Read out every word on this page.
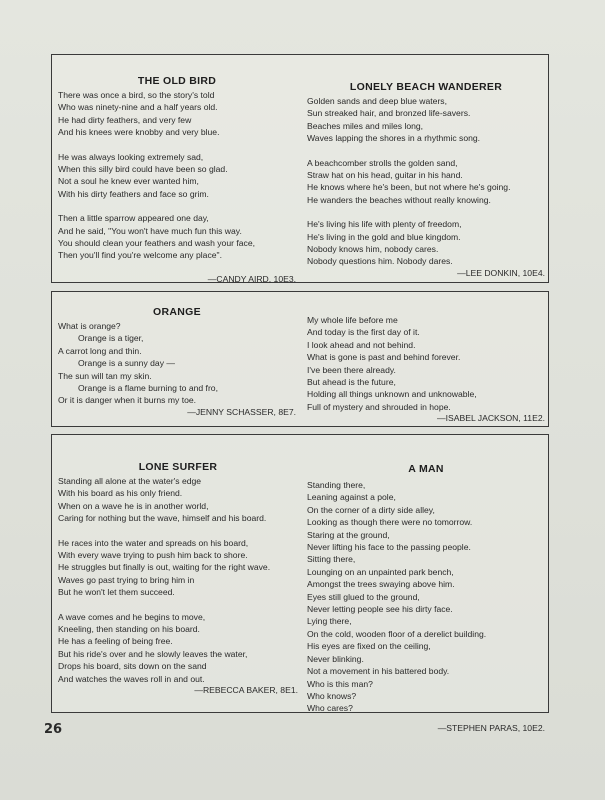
THE OLD BIRD
There was once a bird, so the story's told
Who was ninety-nine and a half years old.
He had dirty feathers, and very few
And his knees were knobby and very blue.
He was always looking extremely sad,
When this silly bird could have been so glad.
Not a soul he knew ever wanted him,
With his dirty feathers and face so grim.
Then a little sparrow appeared one day,
And he said, "You won't have much fun this way.
You should clean your feathers and wash your face,
Then you'll find you're welcome any place".
—CANDY AIRD, 10E3.
LONELY BEACH WANDERER
Golden sands and deep blue waters,
Sun streaked hair, and bronzed life-savers.
Beaches miles and miles long,
Waves lapping the shores in a rhythmic song.
A beachcomber strolls the golden sand,
Straw hat on his head, guitar in his hand.
He knows where he's been, but not where he's going.
He wanders the beaches without really knowing.
He's living his life with plenty of freedom,
He's living in the gold and blue kingdom.
Nobody knows him, nobody cares.
Nobody questions him. Nobody dares.
—LEE DONKIN, 10E4.
ORANGE
What is orange?
Orange is a tiger,
A carrot long and thin.
Orange is a sunny day —
The sun will tan my skin.
Orange is a flame burning to and fro,
Or it is danger when it burns my toe.
—JENNY SCHASSER, 8E7.
My whole life before me
And today is the first day of it.
I look ahead and not behind.
What is gone is past and behind forever.
I've been there already.
But ahead is the future,
Holding all things unknown and unknowable,
Full of mystery and shrouded in hope.
—ISABEL JACKSON, 11E2.
LONE SURFER
Standing all alone at the water's edge
With his board as his only friend.
When on a wave he is in another world,
Caring for nothing but the wave, himself and his board.
He races into the water and spreads on his board,
With every wave trying to push him back to shore.
He struggles but finally is out, waiting for the right wave.
Waves go past trying to bring him in
But he won't let them succeed.
A wave comes and he begins to move,
Kneeling, then standing on his board.
He has a feeling of being free.
But his ride's over and he slowly leaves the water,
Drops his board, sits down on the sand
And watches the waves roll in and out.
—REBECCA BAKER, 8E1.
A MAN
Standing there,
Leaning against a pole,
On the corner of a dirty side alley,
Looking as though there were no tomorrow.
Staring at the ground,
Never lifting his face to the passing people.
Sitting there,
Lounging on an unpainted park bench,
Amongst the trees swaying above him.
Eyes still glued to the ground,
Never letting people see his dirty face.
Lying there,
On the cold, wooden floor of a derelict building.
His eyes are fixed on the ceiling,
Never blinking.
Not a movement in his battered body.
Who is this man?
Who knows?
Who cares?
—STEPHEN PARAS, 10E2.
26
